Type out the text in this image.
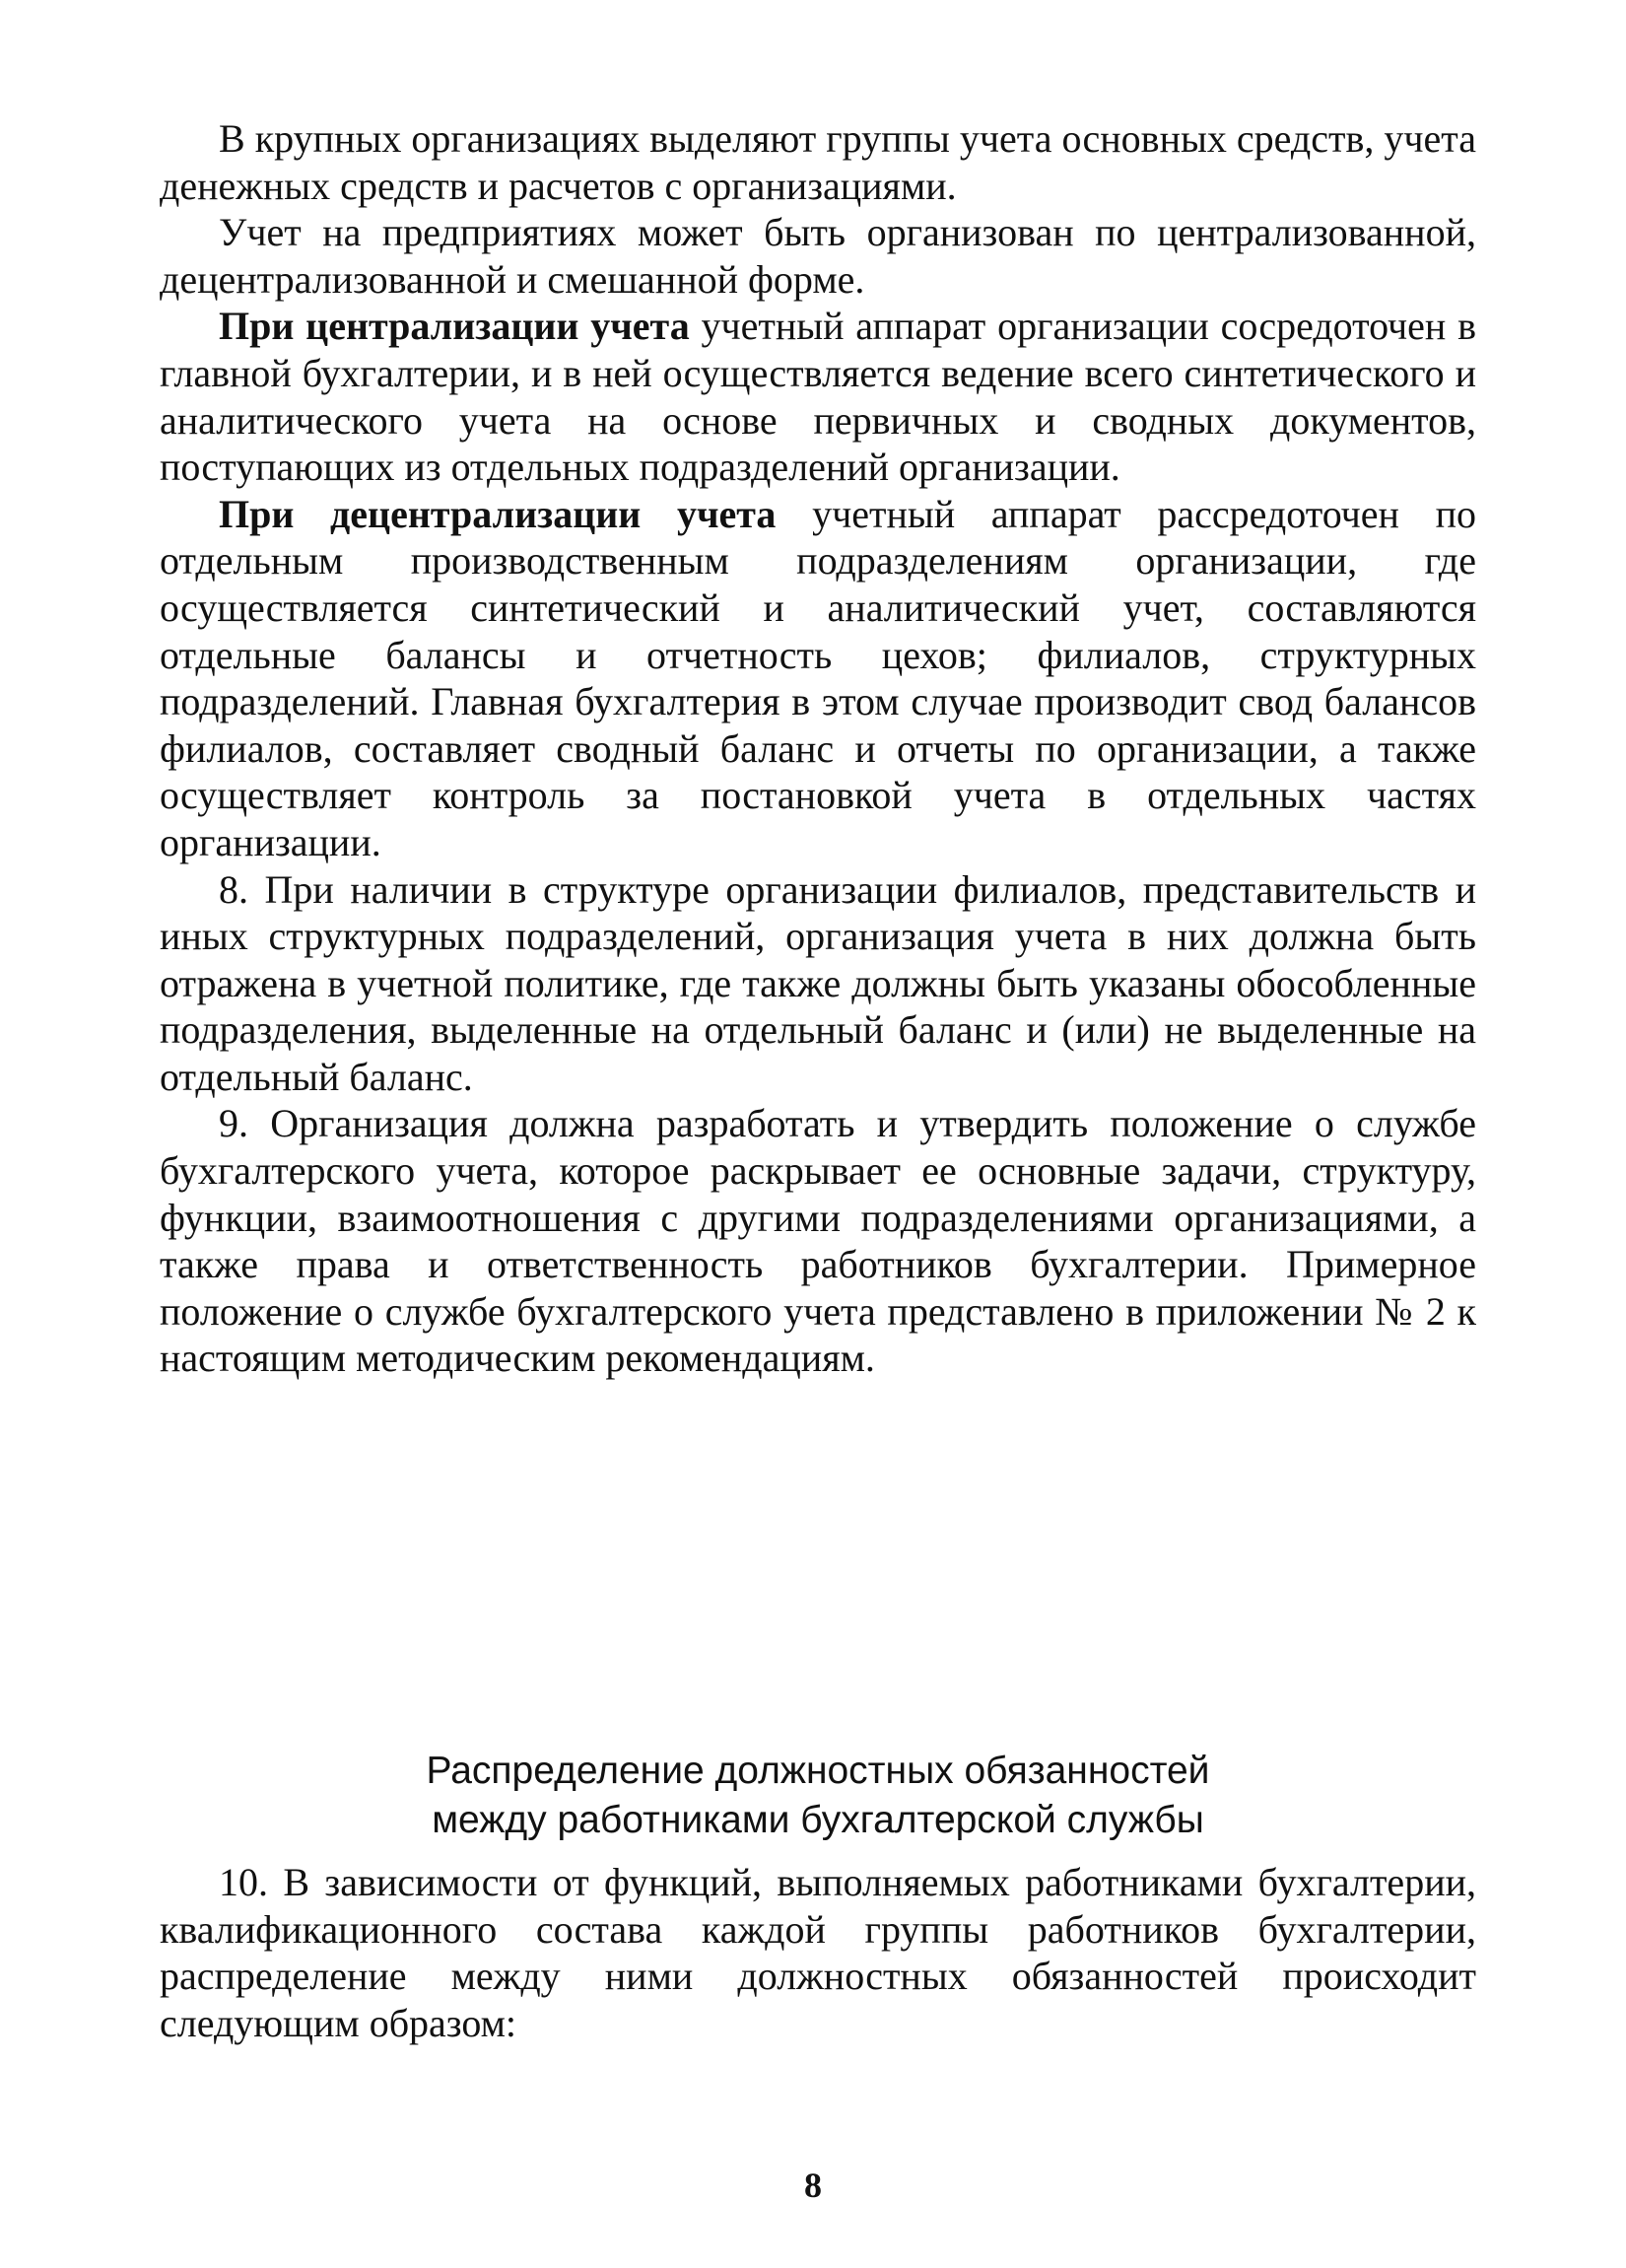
В крупных организациях выделяют группы учета основных средств, учета денежных средств и расчетов с организациями.

Учет на предприятиях может быть организован по централизованной, децентрализованной и смешанной форме.

При централизации учета учетный аппарат организации сосредоточен в главной бухгалтерии, и в ней осуществляется ведение всего синтетического и аналитического учета на основе первичных и сводных документов, поступающих из отдельных подразделений организации.

При децентрализации учета учетный аппарат рассредоточен по отдельным производственным подразделениям организации, где осуществляется синтетический и аналитический учет, составляются отдельные балансы и отчетность цехов; филиалов, структурных подразделений. Главная бухгалтерия в этом случае производит свод балансов филиалов, составляет сводный баланс и отчеты по организации, а также осуществляет контроль за постановкой учета в отдельных частях организации.

8. При наличии в структуре организации филиалов, представительств и иных структурных подразделений, организация учета в них должна быть отражена в учетной политике, где также должны быть указаны обособленные подразделения, выделенные на отдельный баланс и (или) не выделенные на отдельный баланс.

9. Организация должна разработать и утвердить положение о службе бухгалтерского учета, которое раскрывает ее основные задачи, структуру, функции, взаимоотношения с другими подразделениями организациями, а также права и ответственность работников бухгалтерии. Примерное положение о службе бухгалтерского учета представлено в приложении № 2 к настоящим методическим рекомендациям.

Распределение должностных обязанностей
между работниками бухгалтерской службы

10. В зависимости от функций, выполняемых работниками бухгалтерии, квалификационного состава каждой группы работников бухгалтерии, распределение между ними должностных обязанностей происходит следующим образом:

8
